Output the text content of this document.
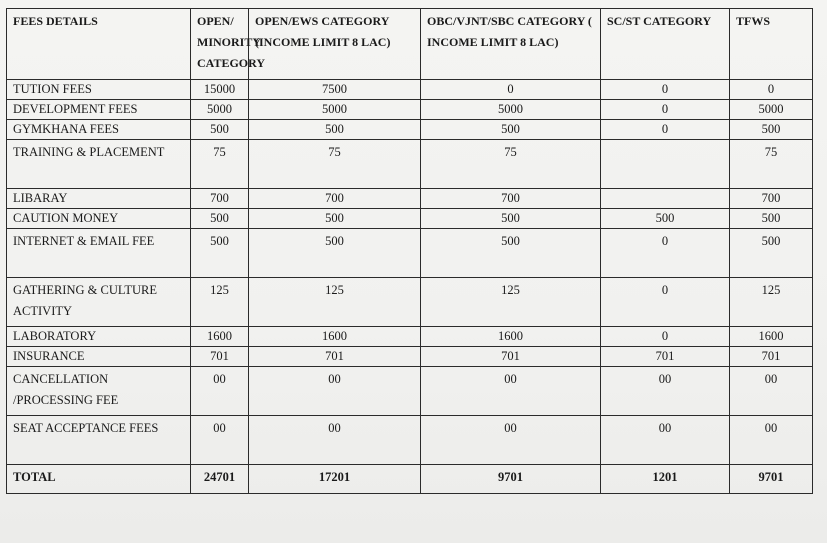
FEES DETAILS	OPEN/ MINORITY CATEGORY	OPEN/EWS CATEGORY (INCOME LIMIT 8 LAC)	OBC/VJNT/SBC CATEGORY ( INCOME LIMIT 8 LAC)	SC/ST CATEGORY	TFWS
TUTION FEES	15000	7500	0	0	0
DEVELOPMENT FEES	5000	5000	5000	0	5000
GYMKHANA FEES	500	500	500	0	500
TRAINING & PLACEMENT	75	75	75		75
LIBARAY	700	700	700		700
CAUTION MONEY	500	500	500	500	500
INTERNET & EMAIL FEE	500	500	500	0	500
GATHERING & CULTURE ACTIVITY	125	125	125	0	125
LABORATORY	1600	1600	1600	0	1600
INSURANCE	701	701	701	701	701
CANCELLATION /PROCESSING FEE	00	00	00	00	00
SEAT ACCEPTANCE FEES	00	00	00	00	00
TOTAL	24701	17201	9701	1201	9701
